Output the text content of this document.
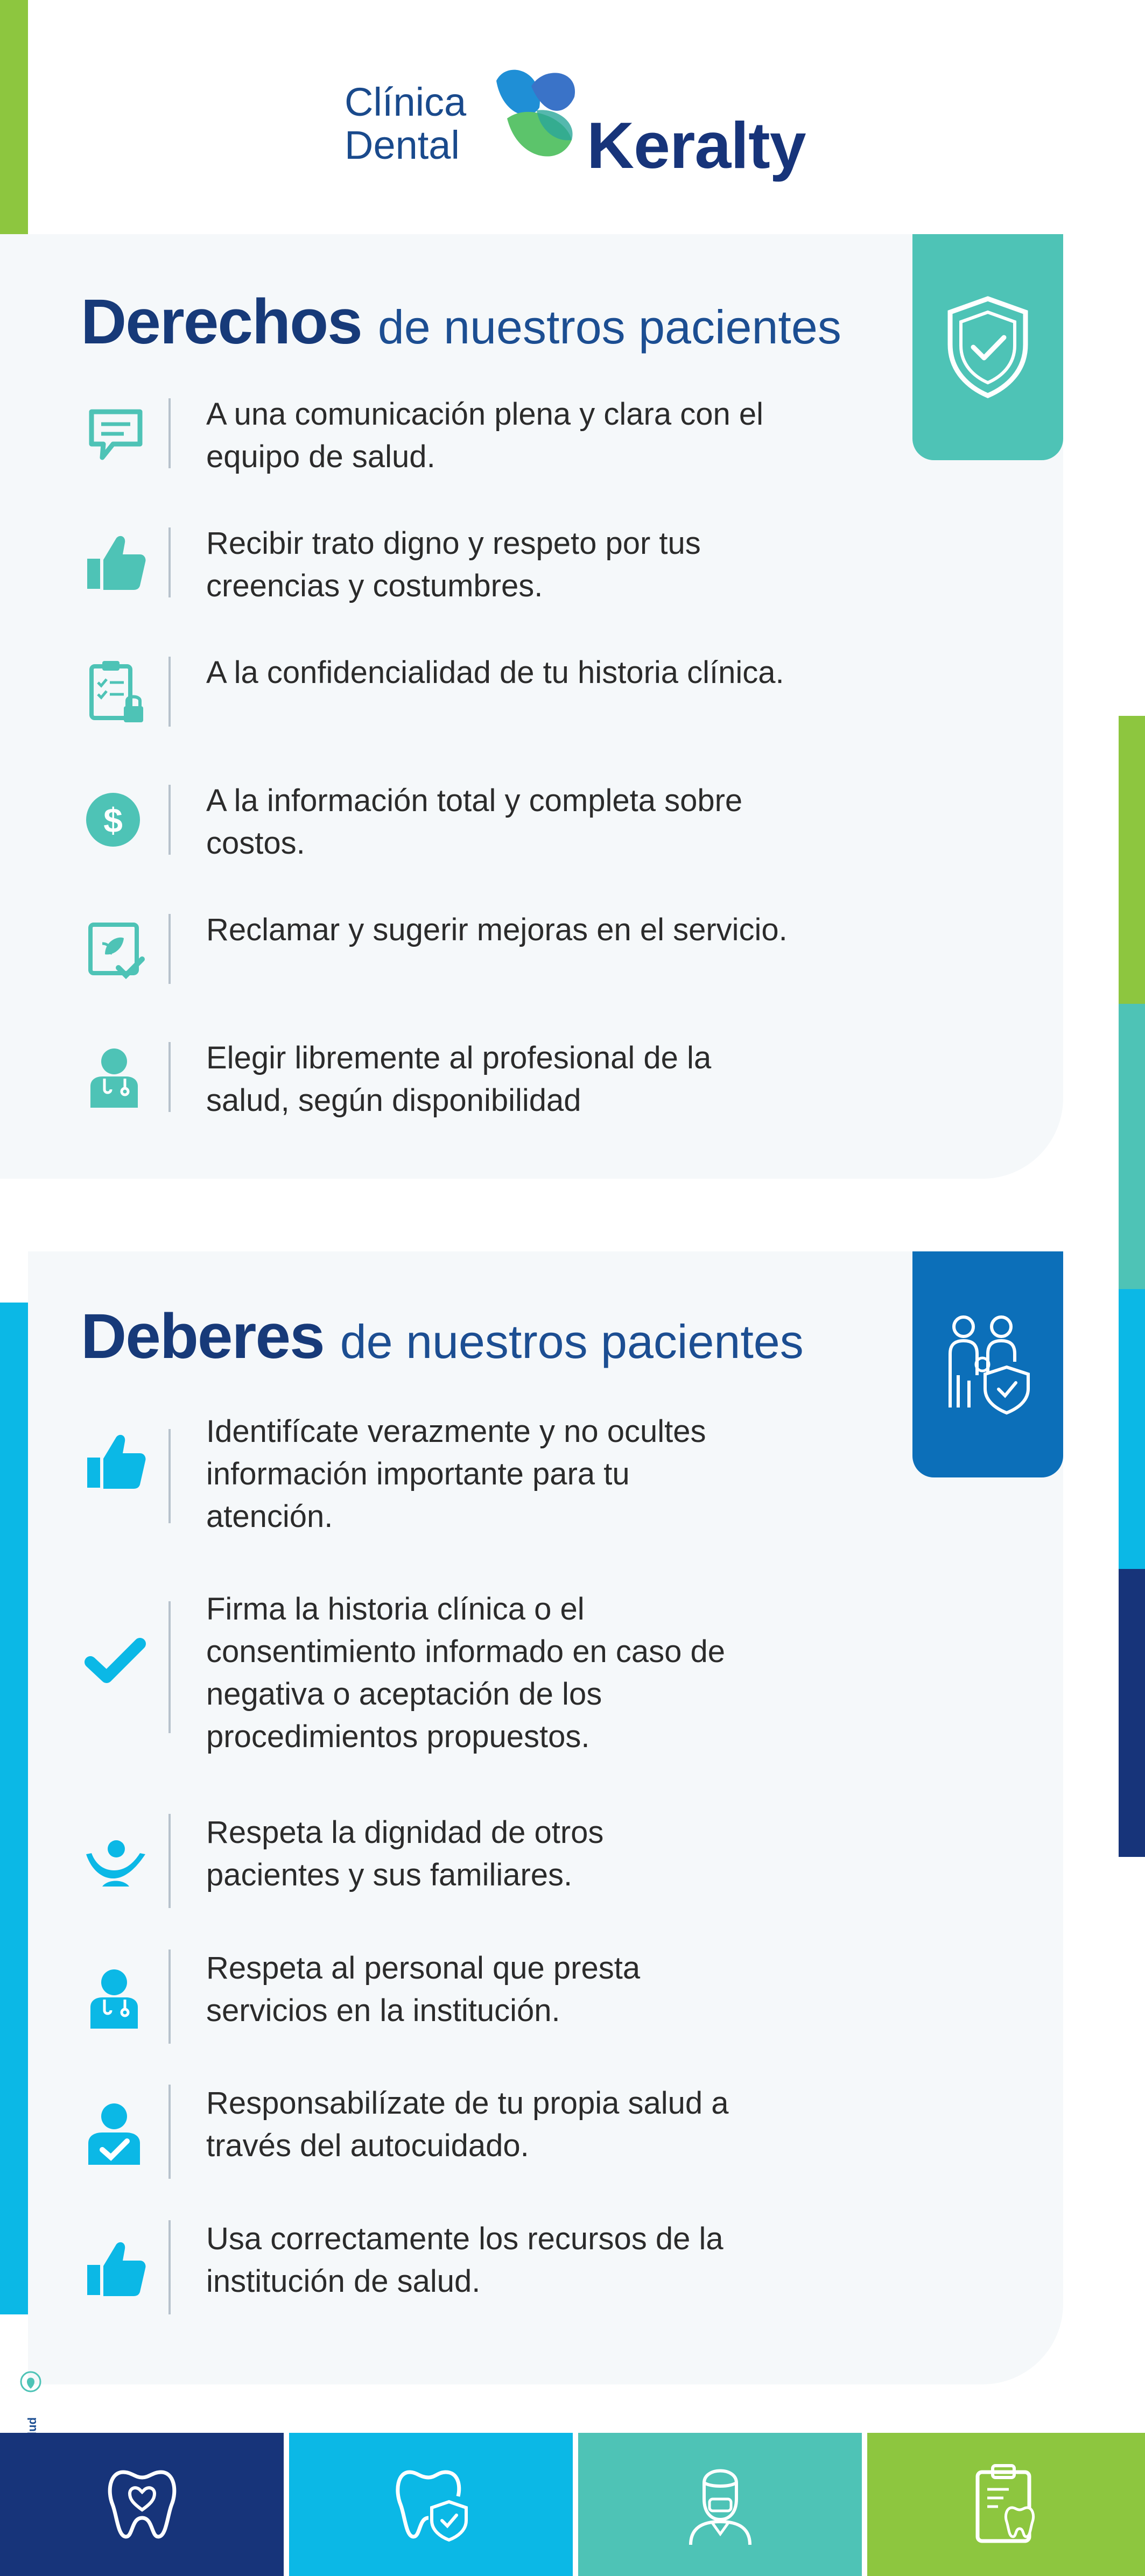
Clínica
Dental Keralty
Derechos de nuestros pacientes
A una comunicación plena y clara con el
equipo de salud.
Recibir trato digno y respeto por tus
creencias y costumbres.
A la confidencialidad de tu historia clínica.
$
A la información total y completa sobre
costos.
Reclamar y sugerir mejoras en el servicio.
Elegir libremente al profesional de la
salud, según disponibilidad
Deberes de nuestros pacientes
Identifícate verazmente y no ocultes
información importante para tu
atención.
Firma la historia clínica o el
consentimiento informado en caso de
negativa o aceptación de los
procedimientos propuestos.
Respeta la dignidad de otros
pacientes y sus familiares.
Respeta al personal que presta
servicios en la institución.
Responsabilízate de tu propia salud a
través del autocuidado.
Usa correctamente los recursos de la
institución de salud.
